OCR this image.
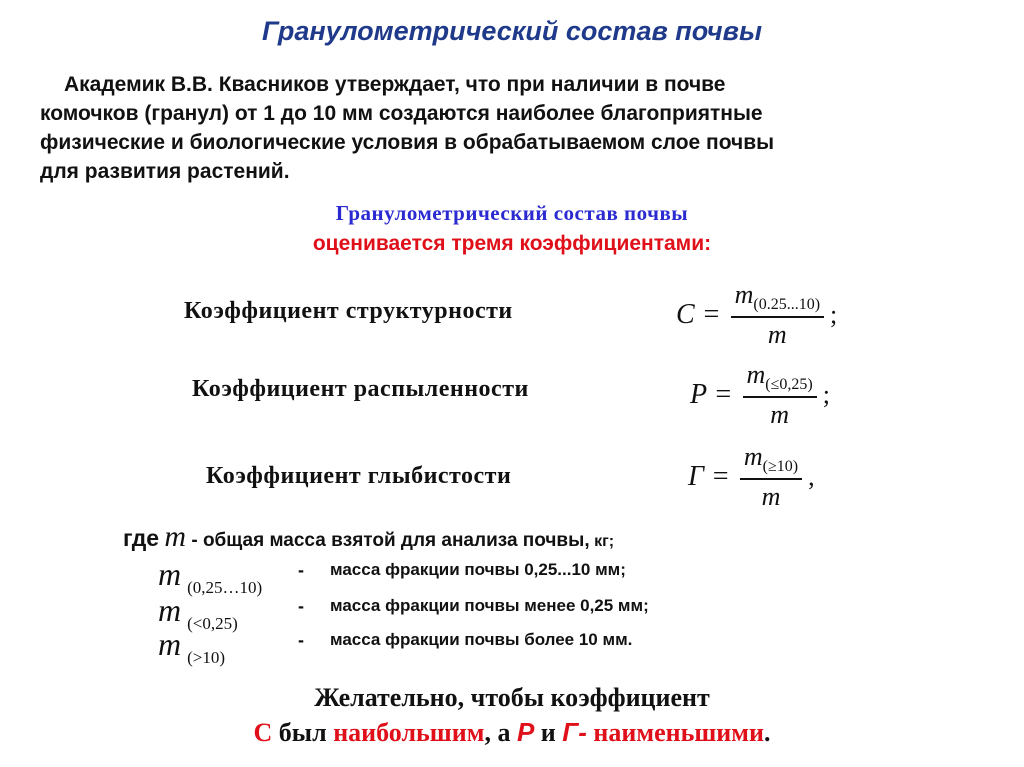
Гранулометрический состав почвы
Академик В.В. Квасников утверждает, что при наличии в почве
комочков (гранул) от 1 до 10 мм создаются наиболее благоприятные
физические и биологические условия в обрабатываемом слое почвы
для развития растений.
Гранулометрический состав почвы
оценивается тремя коэффициентами:
Коэффициент структурности	$C = \frac{m_{(0.25...10)}}{m}$ ;
Коэффициент распыленности	$P = \frac{m_{(\le 0,25)}}{m}$ ;
Коэффициент глыбистости	$Г = \frac{m_{(\ge 10)}}{m}$ ,
где m - общая масса взятой для анализа почвы, кг;
m (0,25…10)
- масса фракции почвы 0,25...10 мм;
m (<0,25)
- масса фракции почвы менее 0,25 мм;
m (>10)
- масса фракции почвы более 10 мм.
Желательно, чтобы коэффициент
С был наибольшим, а Р и Г- наименьшими.
